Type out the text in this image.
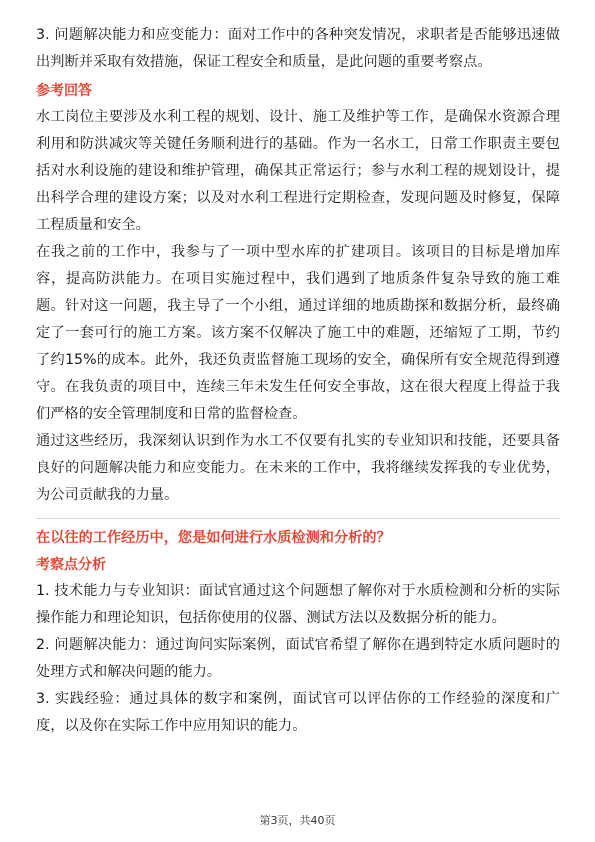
3. 问题解决能力和应变能力：面对工作中的各种突发情况，求职者是否能够迅速做出判断并采取有效措施，保证工程安全和质量，是此问题的重要考察点。

参考回答

水工岗位主要涉及水利工程的规划、设计、施工及维护等工作，是确保水资源合理利用和防洪减灾等关键任务顺利进行的基础。作为一名水工，日常工作职责主要包括对水利设施的建设和维护管理，确保其正常运行；参与水利工程的规划设计，提出科学合理的建设方案；以及对水利工程进行定期检查，发现问题及时修复，保障工程质量和安全。

在我之前的工作中，我参与了一项中型水库的扩建项目。该项目的目标是增加库容，提高防洪能力。在项目实施过程中，我们遇到了地质条件复杂导致的施工难题。针对这一问题，我主导了一个小组，通过详细的地质勘探和数据分析，最终确定了一套可行的施工方案。该方案不仅解决了施工中的难题，还缩短了工期，节约了约15%的成本。此外，我还负责监督施工现场的安全，确保所有安全规范得到遵守。在我负责的项目中，连续三年未发生任何安全事故，这在很大程度上得益于我们严格的安全管理制度和日常的监督检查。

通过这些经历，我深刻认识到作为水工不仅要有扎实的专业知识和技能，还要具备良好的问题解决能力和应变能力。在未来的工作中，我将继续发挥我的专业优势，为公司贡献我的力量。

在以往的工作经历中，您是如何进行水质检测和分析的？
考察点分析

1. 技术能力与专业知识：面试官通过这个问题想了解你对于水质检测和分析的实际操作能力和理论知识，包括你使用的仪器、测试方法以及数据分析的能力。

2. 问题解决能力：通过询问实际案例，面试官希望了解你在遇到特定水质问题时的处理方式和解决问题的能力。

3. 实践经验：通过具体的数字和案例，面试官可以评估你的工作经验的深度和广度，以及你在实际工作中应用知识的能力。

第3页，共40页
